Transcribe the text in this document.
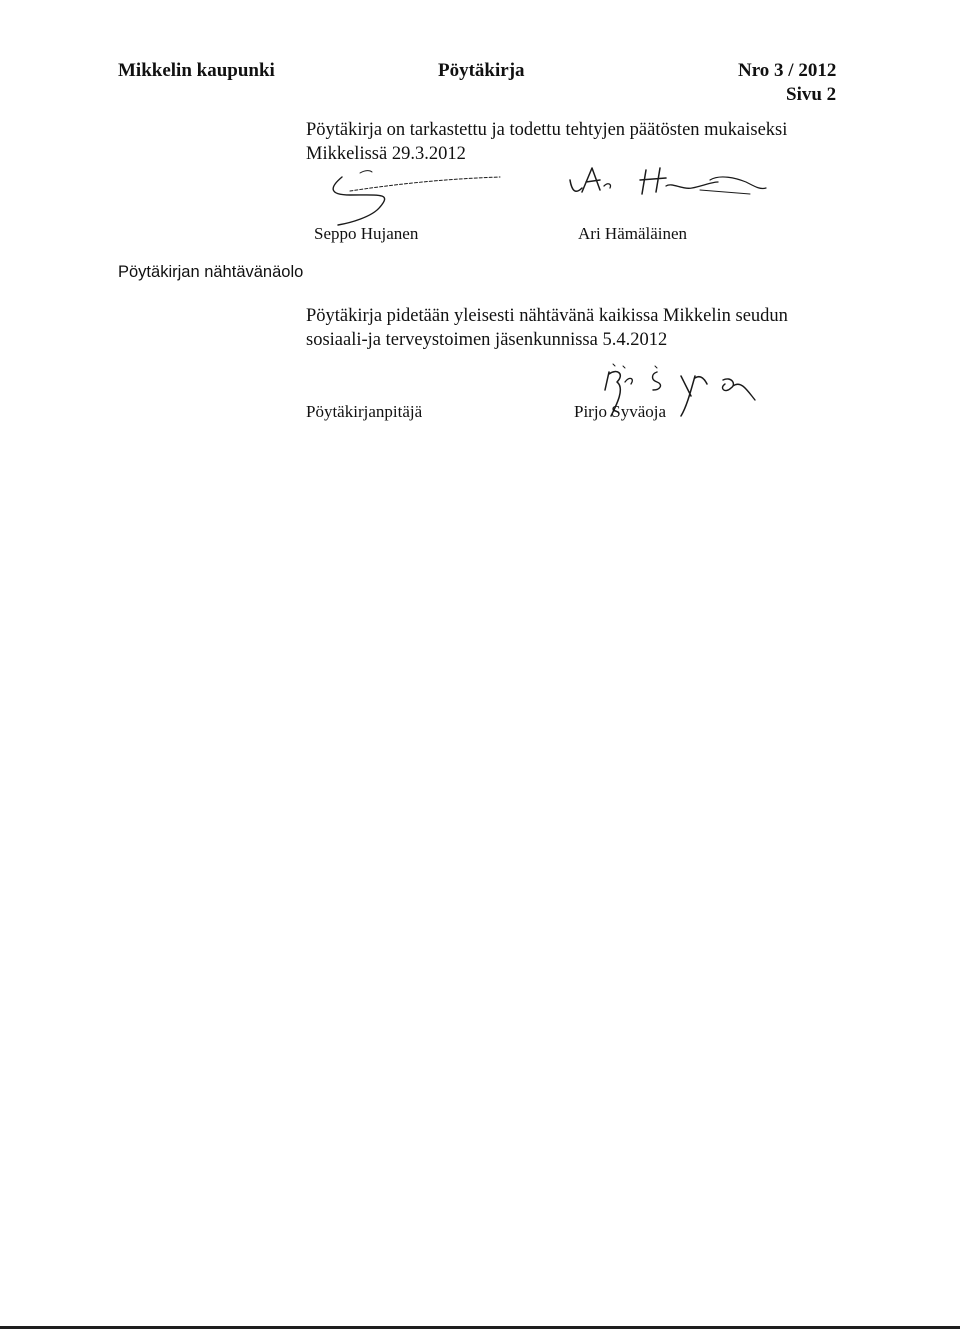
Mikkelin kaupunki	Pöytäkirja	Nro 3 / 2012
Sivu 2
Pöytäkirja on tarkastettu ja todettu tehtyjen päätösten mukaiseksi
Mikkelissä 29.3.2012
Seppo Hujanen	Ari Hämäläinen
Pöytäkirjan nähtävänäolo
Pöytäkirja pidetään yleisesti nähtävänä kaikissa Mikkelin seudun
sosiaali-ja terveystoimen jäsenkunnissa 5.4.2012
Pöytäkirjanpitäjä	Pirjo Syväoja
